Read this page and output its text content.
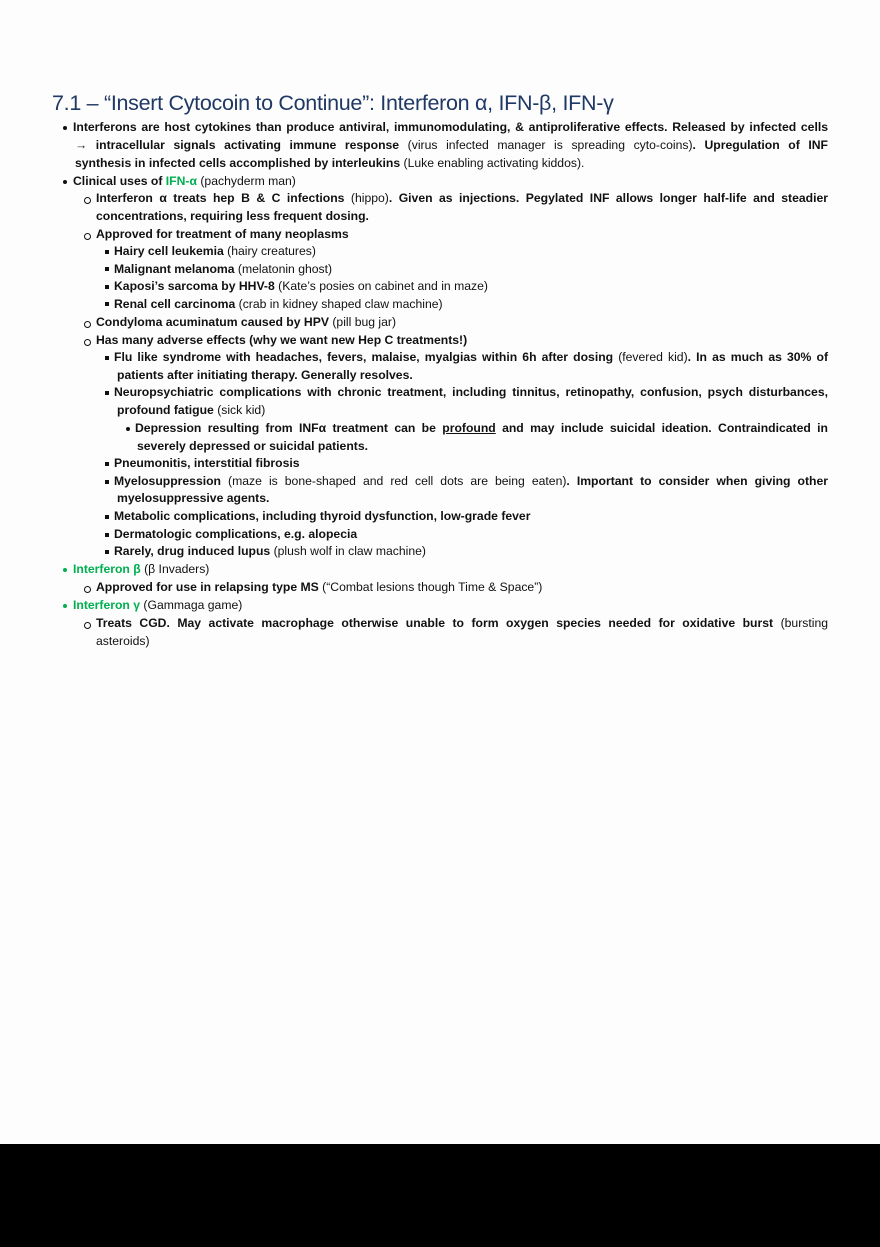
7.1 – “Insert Cytocoin to Continue”: Interferon α, IFN-β, IFN-γ
Interferons are host cytokines than produce antiviral, immunomodulating, & antiproliferative effects. Released by infected cells
→ intracellular signals activating immune response (virus infected manager is spreading cyto-coins). Upregulation of INF
synthesis in infected cells accomplished by interleukins (Luke enabling activating kiddos).
Clinical uses of IFN-α (pachyderm man)
Interferon α treats hep B & C infections (hippo). Given as injections. Pegylated INF allows longer half-life and steadier
concentrations, requiring less frequent dosing.
Approved for treatment of many neoplasms
Hairy cell leukemia (hairy creatures)
Malignant melanoma (melatonin ghost)
Kaposi’s sarcoma by HHV-8 (Kate’s posies on cabinet and in maze)
Renal cell carcinoma (crab in kidney shaped claw machine)
Condyloma acuminatum caused by HPV (pill bug jar)
Has many adverse effects (why we want new Hep C treatments!)
Flu like syndrome with headaches, fevers, malaise, myalgias within 6h after dosing (fevered kid). In as much as 30% of
patients after initiating therapy. Generally resolves.
Neuropsychiatric complications with chronic treatment, including tinnitus, retinopathy, confusion, psych disturbances,
profound fatigue (sick kid)
Depression resulting from INFα treatment can be profound and may include suicidal ideation. Contraindicated in
severely depressed or suicidal patients.
Pneumonitis, interstitial fibrosis
Myelosuppression (maze is bone-shaped and red cell dots are being eaten). Important to consider when giving other
myelosuppressive agents.
Metabolic complications, including thyroid dysfunction, low-grade fever
Dermatologic complications, e.g. alopecia
Rarely, drug induced lupus (plush wolf in claw machine)
Interferon β (β Invaders)
Approved for use in relapsing type MS (“Combat lesions though Time & Space”)
Interferon γ (Gammaga game)
Treats CGD. May activate macrophage otherwise unable to form oxygen species needed for oxidative burst (bursting
asteroids)
